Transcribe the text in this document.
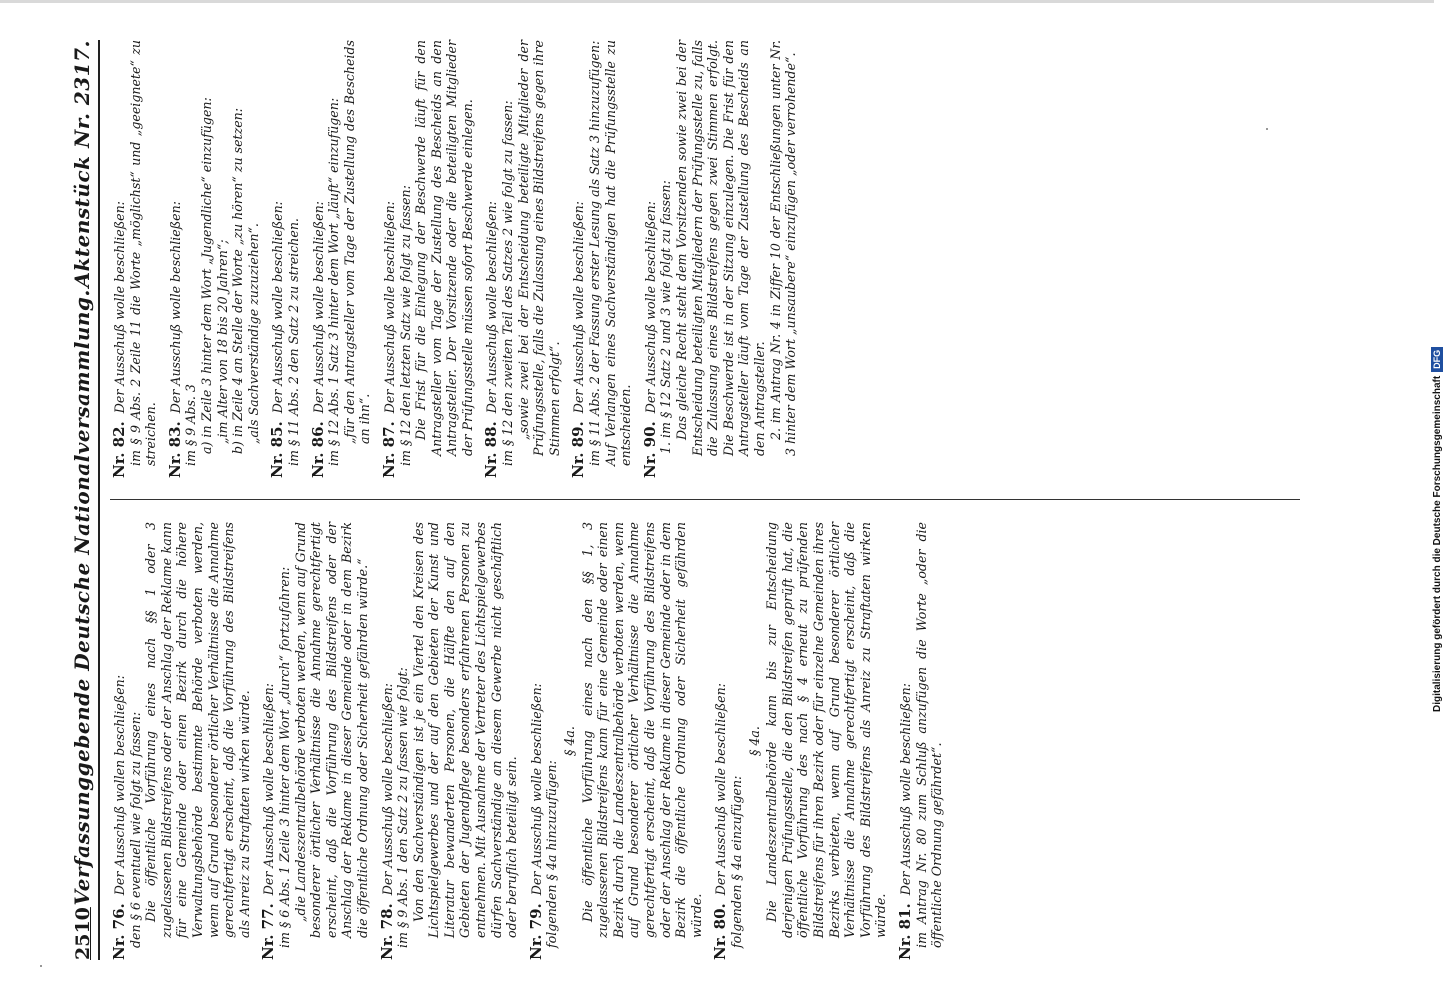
2510
Verfassunggebende Deutsche Nationalversammlung.
Aktenstück Nr. 2317.
Nr. 76.Der Ausschuß wollen beschließen: den § 6 eventuell wie folgt zu fassen: Die öffentliche Vorführung eines nach §§ 1 oder 3 zugelassenen Bildstreifens oder der Anschlag der Reklame kann für eine Gemeinde oder einen Bezirk durch die höhere Verwaltungsbehörde bestimmte Behörde verboten werden, wenn auf Grund besonderer örtlicher Verhältnisse die Annahme gerechtfertigt erscheint, daß die Vorführung des Bildstreifens als Anreiz zu Straftaten wirken würde. Nr. 77.Der Ausschuß wolle beschließen: im § 6 Abs. 1 Zeile 3 hinter dem Wort „durch“ fortzufahren: „die Landeszentralbehörde verboten werden, wenn auf Grund besonderer örtlicher Verhältnisse die Annahme gerechtfertigt erscheint, daß die Vorführung des Bildstreifens oder der Anschlag der Reklame in dieser Gemeinde oder in dem Bezirk die öffentliche Ordnung oder Sicherheit gefährden würde.“ Nr. 78.Der Ausschuß wolle beschließen: im § 9 Abs. 1 den Satz 2 zu fassen wie folgt: Von den Sachverständigen ist je ein Viertel den Kreisen des Lichtspielgewerbes und der auf den Gebieten der Kunst und Literatur bewanderten Personen, die Hälfte den auf den Gebieten der Jugendpflege besonders erfahrenen Personen zu entnehmen. Mit Ausnahme der Vertreter des Lichtspielgewerbes dürfen Sachverständige an diesem Gewerbe nicht geschäftlich oder beruflich beteiligt sein. Nr. 79.Der Ausschuß wolle beschließen: folgenden § 4a hinzuzufügen:

§ 4a. Die öffentliche Vorführung eines nach den §§ 1, 3 zugelassenen Bildstreifens kann für eine Gemeinde oder einen Bezirk durch die Landeszentralbehörde verboten werden, wenn auf Grund besonderer örtlicher Verhältnisse die Annahme gerechtfertigt erscheint, daß die Vorführung des Bildstreifens oder der Anschlag der Reklame in dieser Gemeinde oder in dem Bezirk die öffentliche Ordnung oder Sicherheit gefährden würde. Nr. 80.Der Ausschuß wolle beschließen: folgenden § 4a einzufügen:

§ 4a. Die Landeszentralbehörde kann bis zur Entscheidung derjenigen Prüfungsstelle, die den Bildstreifen geprüft hat, die öffentliche Vorführung des nach § 4 erneut zu prüfenden Bildstreifens für ihren Bezirk oder für einzelne Gemeinden ihres Bezirks verbieten, wenn auf Grund besonderer örtlicher Verhältnisse die Annahme gerechtfertigt erscheint, daß die Vorführung des Bildstreifens als Anreiz zu Straftaten wirken würde. Nr. 81.Der Ausschuß wolle beschließen: im Antrag Nr. 80 zum Schluß anzufügen die Worte „oder die öffentliche Ordnung gefährdet“.

Nr. 82.Der Ausschuß wolle beschließen: im § 9 Abs. 2 Zeile 11 die Worte „möglichst“ und „geeignete“ zu streichen. Nr. 83.Der Ausschuß wolle beschließen:

im § 9 Abs. 3 a) in Zeile 3 hinter dem Wort „Jugendliche“ einzufügen: „im Alter von 18 bis 20 Jahren“; b) in Zeile 4 an Stelle der Worte „zu hören“ zu setzen: „als Sachverständige zuzuziehen“.

Nr. 85.Der Ausschuß wolle beschließen: im § 11 Abs. 2 den Satz 2 zu streichen. Nr. 86.Der Ausschuß wolle beschließen: im § 12 Abs. 1 Satz 3 hinter dem Wort „läuft“ einzufügen: „für den Antragsteller vom Tage der Zustellung des Bescheids an ihn“.

Nr. 87.Der Ausschuß wolle beschließen: im § 12 den letzten Satz wie folgt zu fassen: Die Frist für die Einlegung der Beschwerde läuft für den Antragsteller vom Tage der Zustellung des Bescheids an den Antragsteller. Der Vorsitzende oder die beteiligten Mitglieder der Prüfungsstelle müssen sofort Beschwerde einlegen. Nr. 88.Der Ausschuß wolle beschließen: im § 12 den zweiten Teil des Satzes 2 wie folgt zu fassen: „sowie zwei bei der Entscheidung beteiligte Mitglieder der Prüfungsstelle, falls die Zulassung eines Bildstreifens gegen ihre Stimmen erfolgt“. Nr. 89.Der Ausschuß wolle beschließen: im § 11 Abs. 2 der Fassung erster Lesung als Satz 3 hinzuzufügen: Auf Verlangen eines Sachverständigen hat die Prüfungsstelle zu entscheiden. Nr. 90.Der Ausschuß wolle beschließen: 1. im § 12 Satz 2 und 3 wie folgt zu fassen: Das gleiche Recht steht dem Vorsitzenden sowie zwei bei der Entscheidung beteiligten Mitgliedern der Prüfungsstelle zu, falls die Zulassung eines Bildstreifens gegen zwei Stimmen erfolgt. Die Beschwerde ist in der Sitzung einzulegen. Die Frist für den Antragsteller läuft vom Tage der Zustellung des Bescheids an den Antragsteller. 2. im Antrag Nr. 4 in Ziffer 10 der Entschließungen unter Nr. 3 hinter dem Wort „unsaubere“ einzufügen „oder verrohende“.

Digitalisierung gefördert durch die Deutsche Forschungsgemeinschaft
DFG
